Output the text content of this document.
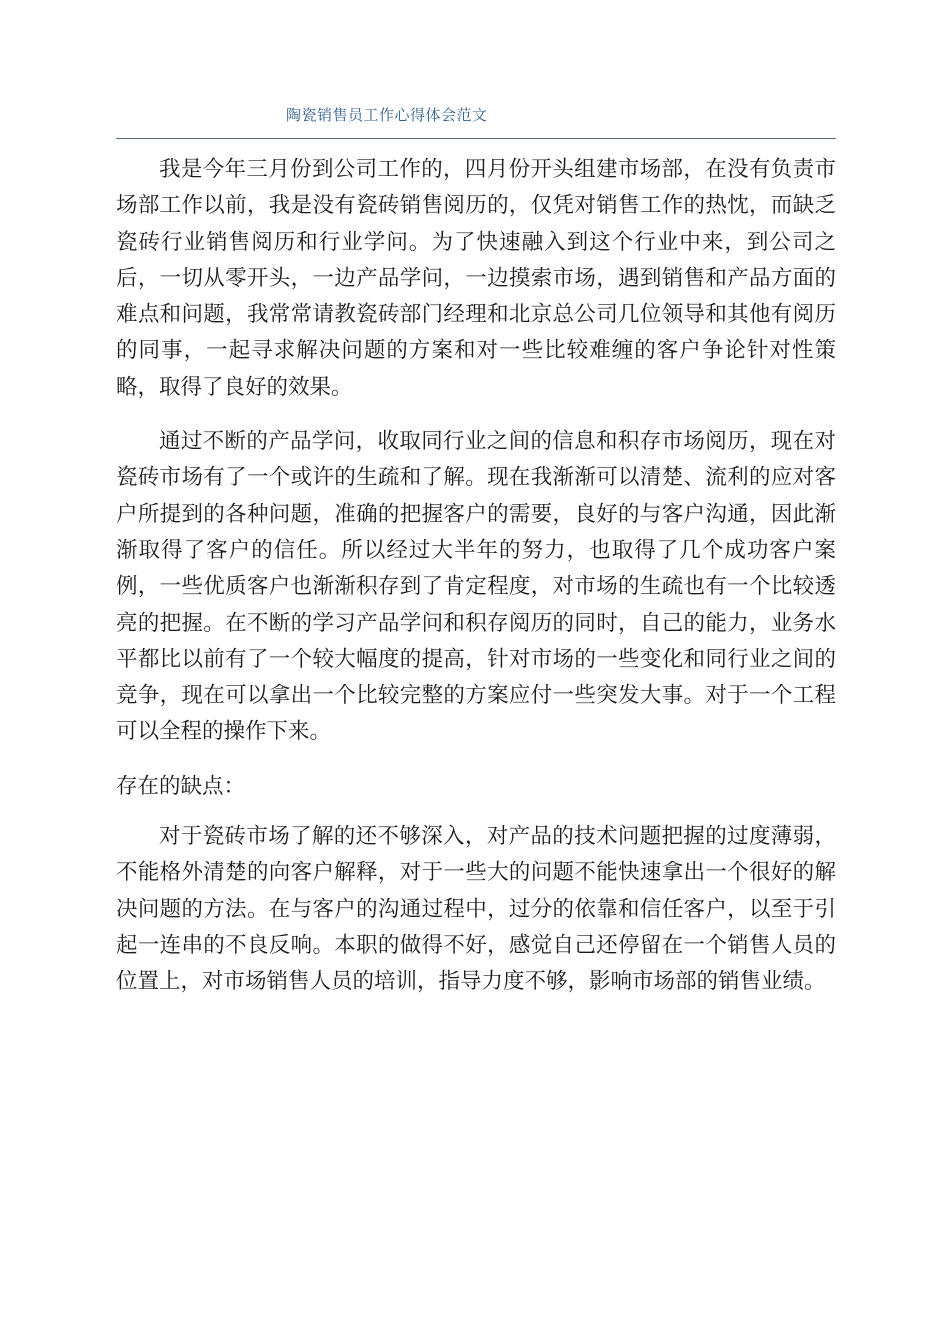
陶瓷销售员工作心得体会范文

我是今年三月份到公司工作的，四月份开头组建市场部，在没有负责市场部工作以前，我是没有瓷砖销售阅历的，仅凭对销售工作的热忱，而缺乏瓷砖行业销售阅历和行业学问。为了快速融入到这个行业中来，到公司之后，一切从零开头，一边产品学问，一边摸索市场，遇到销售和产品方面的难点和问题，我常常请教瓷砖部门经理和北京总公司几位领导和其他有阅历的同事，一起寻求解决问题的方案和对一些比较难缠的客户争论针对性策略，取得了良好的效果。

通过不断的产品学问，收取同行业之间的信息和积存市场阅历，现在对瓷砖市场有了一个或许的生疏和了解。现在我渐渐可以清楚、流利的应对客户所提到的各种问题，准确的把握客户的需要，良好的与客户沟通，因此渐渐取得了客户的信任。所以经过大半年的努力，也取得了几个成功客户案例，一些优质客户也渐渐积存到了肯定程度，对市场的生疏也有一个比较透亮的把握。在不断的学习产品学问和积存阅历的同时，自己的能力，业务水平都比以前有了一个较大幅度的提高，针对市场的一些变化和同行业之间的竞争，现在可以拿出一个比较完整的方案应付一些突发大事。对于一个工程可以全程的操作下来。

存在的缺点：

对于瓷砖市场了解的还不够深入，对产品的技术问题把握的过度薄弱，不能格外清楚的向客户解释，对于一些大的问题不能快速拿出一个很好的解决问题的方法。在与客户的沟通过程中，过分的依靠和信任客户，以至于引起一连串的不良反响。本职的做得不好，感觉自己还停留在一个销售人员的位置上，对市场销售人员的培训，指导力度不够，影响市场部的销售业绩。
